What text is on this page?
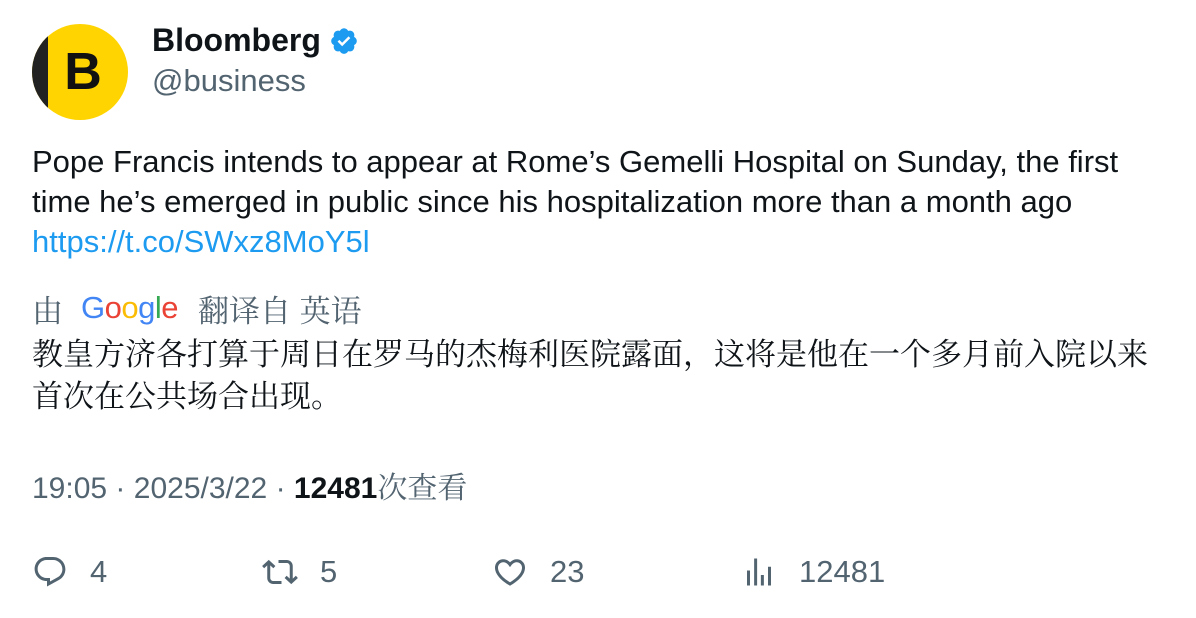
B
Bloomberg
@business
Pope Francis intends to appear at Rome’s Gemelli Hospital on Sunday, the first time he’s emerged in public since his hospitalization more than a month ago
https://t.co/SWxz8MoY5l
由 Google 翻译自 英语
教皇方济各打算于周日在罗马的杰梅利医院露面，这将是他在一个多月前入院以来首次在公共场合出现。
19:05 · 2025/3/22 · 12481次查看
4	5	23	12481
